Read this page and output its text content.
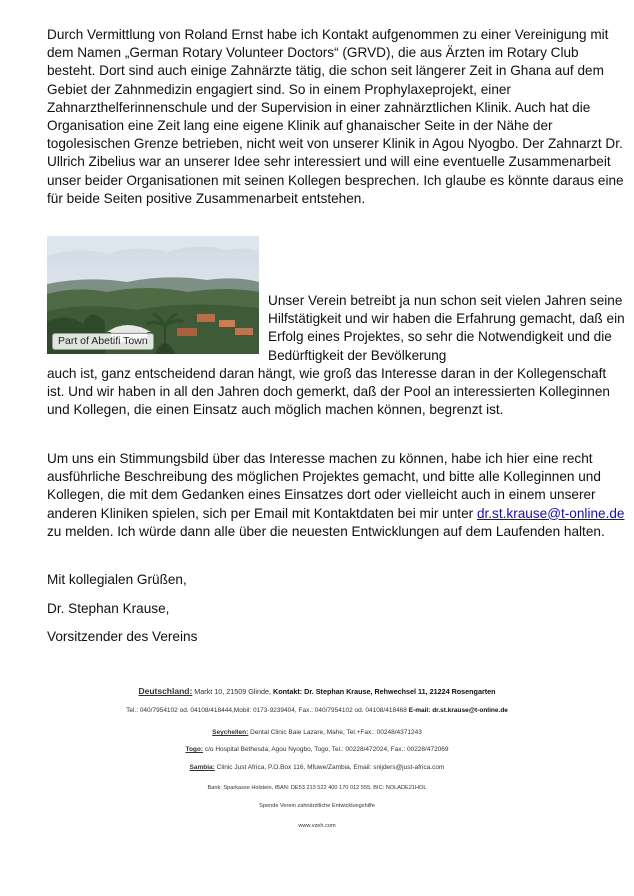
Durch Vermittlung von Roland Ernst habe ich Kontakt aufgenommen zu einer Vereinigung mit dem Namen „German Rotary Volunteer Doctors“ (GRVD), die aus Ärzten im Rotary Club besteht. Dort sind auch einige Zahnärzte tätig, die schon seit längerer Zeit in Ghana auf dem Gebiet der Zahnmedizin engagiert sind. So in einem Prophylaxeprojekt, einer Zahnarzthelferinnenschule und der Supervision in einer zahnärztlichen Klinik. Auch hat die Organisation eine Zeit lang eine eigene Klinik auf ghanaischer Seite in der Nähe der togolesischen Grenze betrieben, nicht weit von unserer Klinik in Agou Nyogbo. Der Zahnarzt Dr. Ullrich Zibelius war an unserer Idee sehr interessiert und will eine eventuelle Zusammenarbeit unser beider Organisationen mit seinen Kollegen besprechen. Ich glaube es könnte daraus eine für beide Seiten positive Zusammenarbeit entstehen.

Part of Abetifi Town

Unser Verein betreibt ja nun schon seit vielen Jahren seine Hilfstätigkeit und wir haben die Erfahrung gemacht, daß ein Erfolg eines Projektes, so sehr die Notwendigkeit und die Bedürftigkeit der Bevölkerung

auch ist, ganz entscheidend daran hängt, wie groß das Interesse daran in der Kollegenschaft ist. Und wir haben in all den Jahren doch gemerkt, daß der Pool an interessierten Kolleginnen und Kollegen, die einen Einsatz auch möglich machen können, begrenzt ist.

Um uns ein Stimmungsbild über das Interesse machen zu können, habe ich hier eine recht ausführliche Beschreibung des möglichen Projektes gemacht, und bitte alle Kolleginnen und Kollegen, die mit dem Gedanken eines Einsatzes dort oder vielleicht auch in einem unserer anderen Kliniken spielen, sich per Email mit Kontaktdaten bei mir unter dr.st.krause@t-online.de zu melden. Ich würde dann alle über die neuesten Entwicklungen auf dem Laufenden halten.

Mit kollegialen Grüßen,

Dr. Stephan Krause,

Vorsitzender des Vereins

Deutschland: Markt 10, 21509 Glinde, Kontakt: Dr. Stephan Krause, Rehwechsel 11, 21224 Rosengarten
Tel.: 040/7954102 od. 04108/418444,Mobil: 0173-9239404, Fax.: 040/7954102 od. 04108/418468 E-mail: dr.st.krause@t-online.de
Seychellen: Dental Clinic Baie Lazare, Mahe, Tel.+Fax.: 00248/4371243
Togo: c/o Hospital Bethesda, Agou Nyogbo, Togo, Tel.: 00228/472024, Fax.: 00228/472069
Sambia: Clinic Just Africa, P.O.Box 116, Mfuwe/Zambia, Email: snijders@just-africa.com
Bank: Sparkasse Holstein, IBAN: DE53 213 522 400 170 012 555, BIC: NOLADE21HOL
Spende Verein zahnärztliche Entwicklungshilfe
www.vzeh.com
